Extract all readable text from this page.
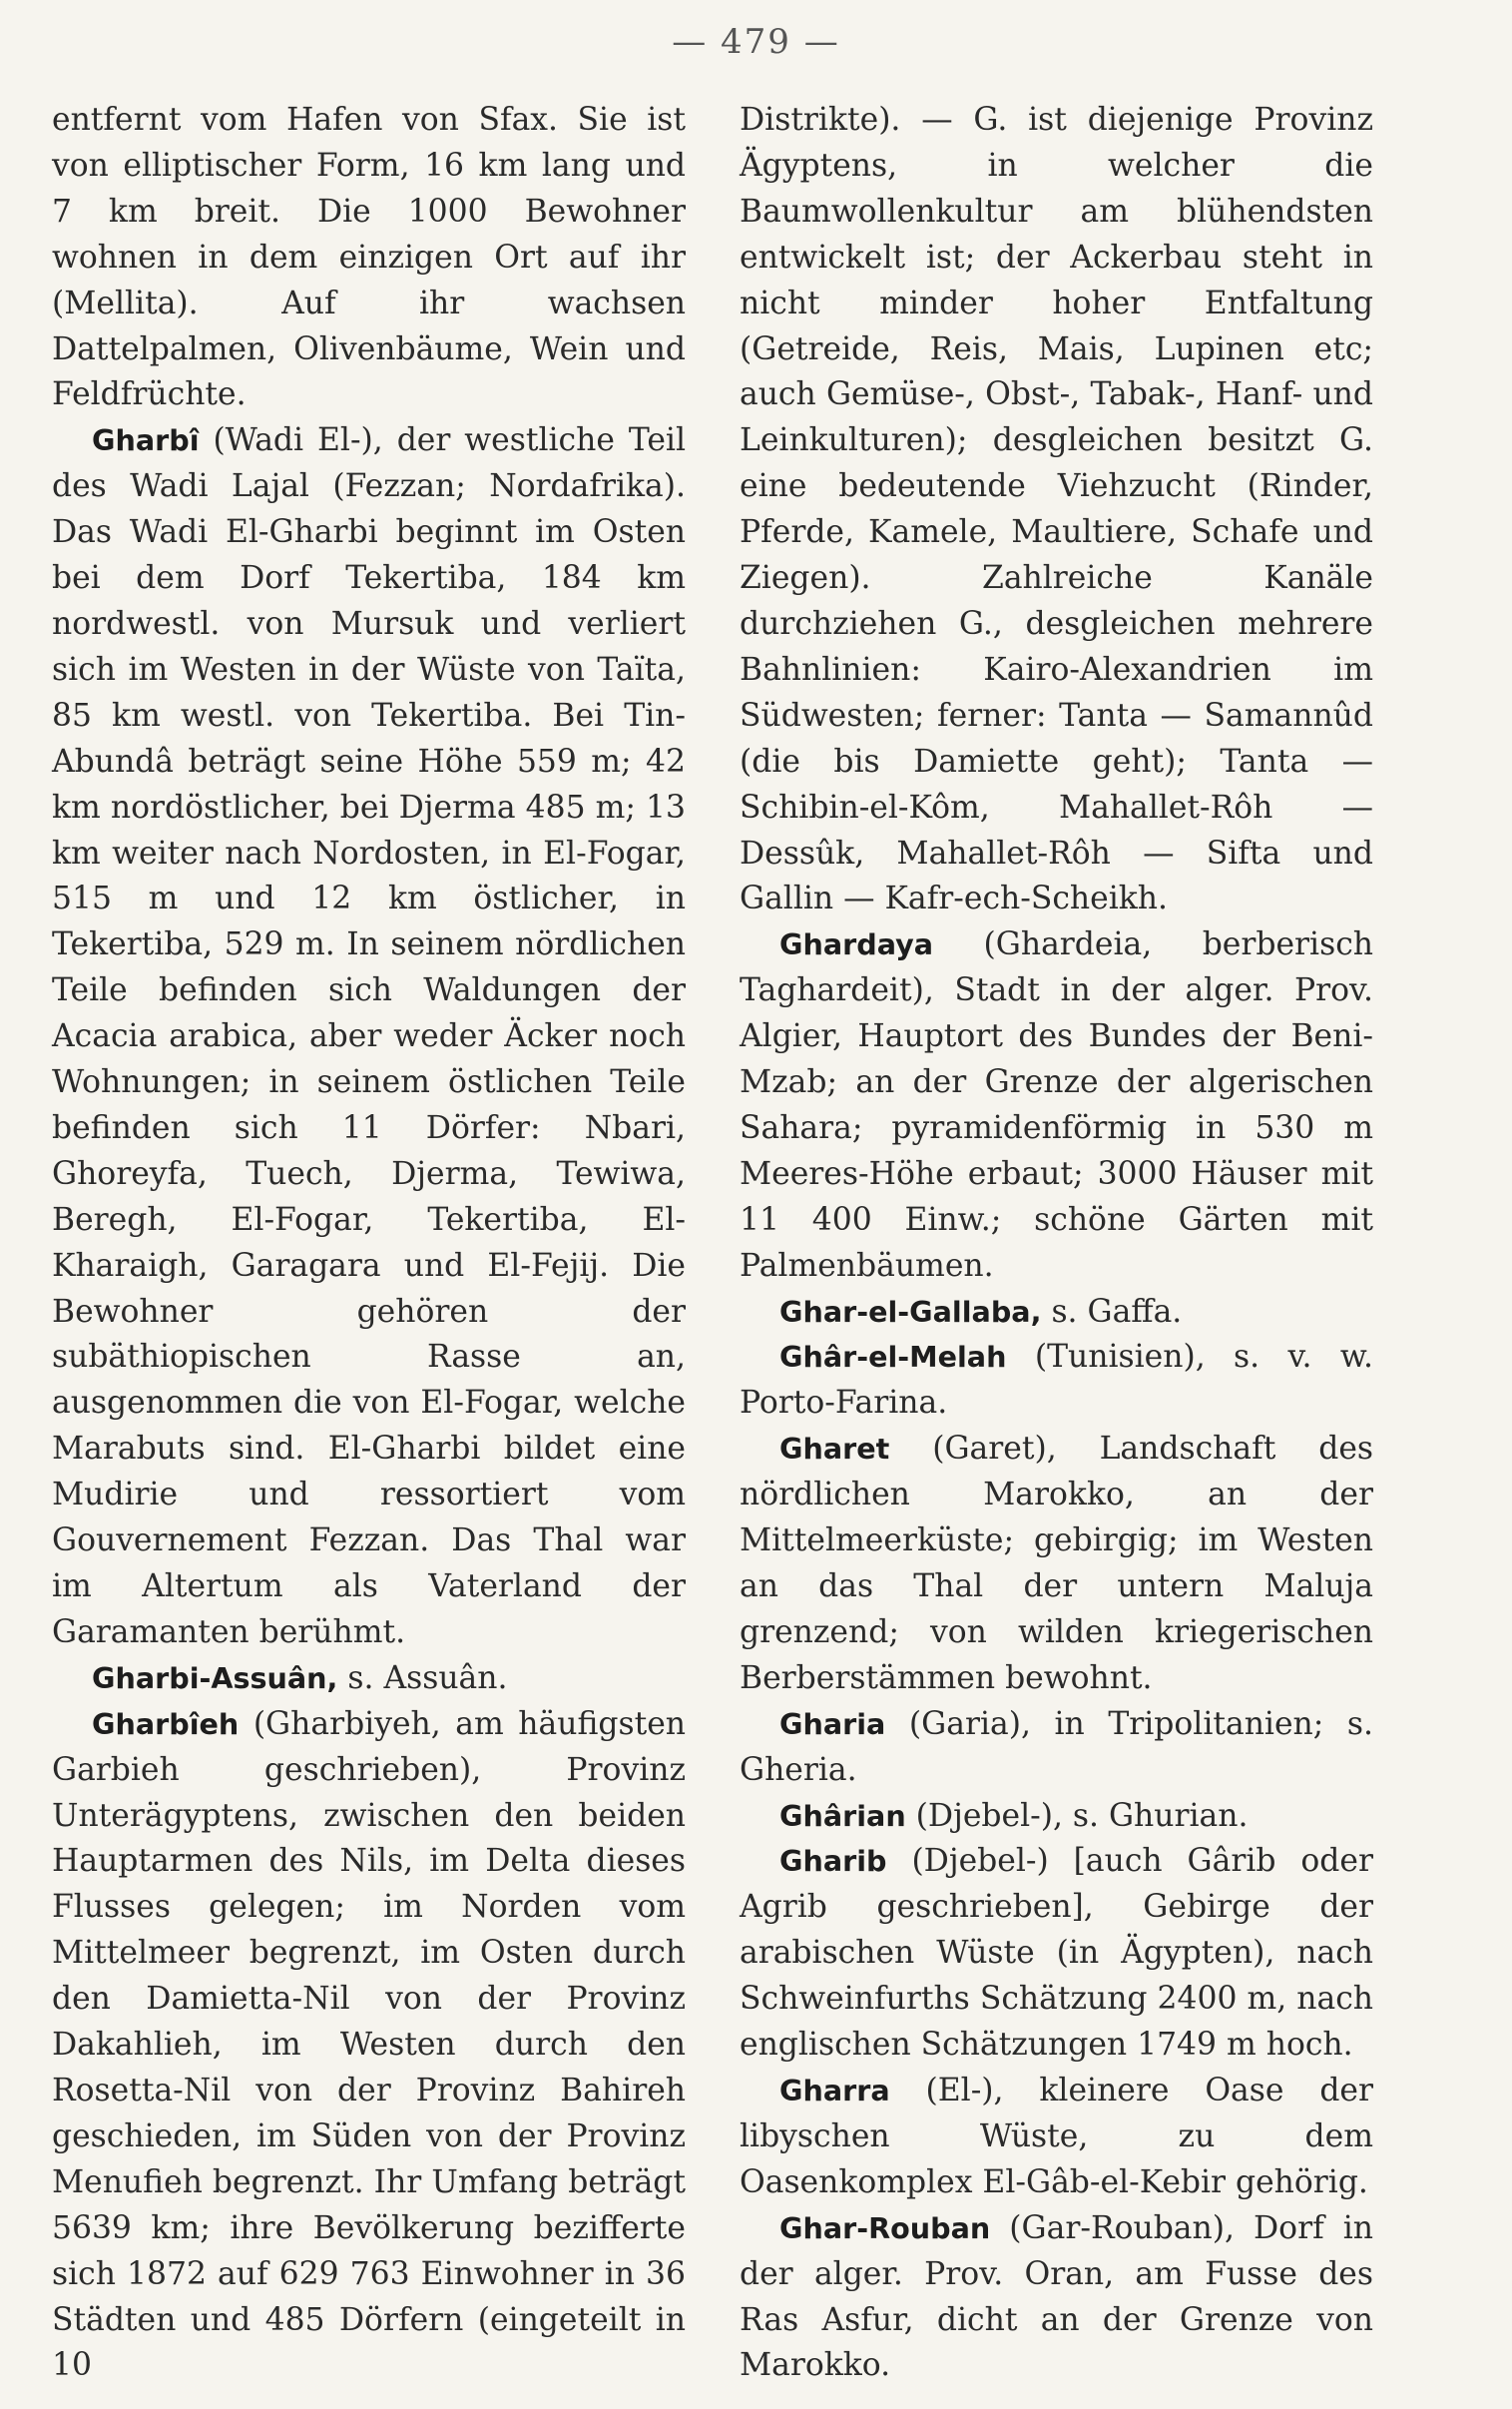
— 479 —

entfernt vom Hafen von Sfax. Sie ist von elliptischer Form, 16 km lang und 7 km breit. Die 1000 Bewohner wohnen in dem einzigen Ort auf ihr (Mellita). Auf ihr wachsen Dattelpalmen, Olivenbäume, Wein und Feldfrüchte.

Gharbî (Wadi El-), der westliche Teil des Wadi Lajal (Fezzan; Nordafrika). Das Wadi El-Gharbi beginnt im Osten bei dem Dorf Tekertiba, 184 km nordwestl. von Mursuk und verliert sich im Westen in der Wüste von Taïta, 85 km westl. von Tekertiba. Bei Tin-Abundâ beträgt seine Höhe 559 m; 42 km nordöstlicher, bei Djerma 485 m; 13 km weiter nach Nordosten, in El-Fogar, 515 m und 12 km östlicher, in Tekertiba, 529 m. In seinem nördlichen Teile befinden sich Waldungen der Acacia arabica, aber weder Äcker noch Wohnungen; in seinem östlichen Teile befinden sich 11 Dörfer: Nbari, Ghoreyfa, Tuech, Djerma, Tewiwa, Beregh, El-Fogar, Tekertiba, El-Kharaigh, Garagara und El-Fejij. Die Bewohner gehören der subäthiopischen Rasse an, ausgenommen die von El-Fogar, welche Marabuts sind. El-Gharbi bildet eine Mudirie und ressortiert vom Gouvernement Fezzan. Das Thal war im Altertum als Vaterland der Garamanten berühmt.

Gharbi-Assuân, s. Assuân.

Gharbîeh (Gharbiyeh, am häufigsten Garbieh geschrieben), Provinz Unterägyptens, zwischen den beiden Hauptarmen des Nils, im Delta dieses Flusses gelegen; im Norden vom Mittelmeer begrenzt, im Osten durch den Damietta-Nil von der Provinz Dakahlieh, im Westen durch den Rosetta-Nil von der Provinz Bahireh geschieden, im Süden von der Provinz Menufieh begrenzt. Ihr Umfang beträgt 5639 km; ihre Bevölkerung bezifferte sich 1872 auf 629 763 Einwohner in 36 Städten und 485 Dörfern (eingeteilt in 10

Distrikte). — G. ist diejenige Provinz Ägyptens, in welcher die Baumwollenkultur am blühendsten entwickelt ist; der Ackerbau steht in nicht minder hoher Entfaltung (Getreide, Reis, Mais, Lupinen etc; auch Gemüse-, Obst-, Tabak-, Hanf- und Leinkulturen); desgleichen besitzt G. eine bedeutende Viehzucht (Rinder, Pferde, Kamele, Maultiere, Schafe und Ziegen). Zahlreiche Kanäle durchziehen G., desgleichen mehrere Bahnlinien: Kairo-Alexandrien im Südwesten; ferner: Tanta — Samannûd (die bis Damiette geht); Tanta — Schibin-el-Kôm, Mahallet-Rôh — Dessûk, Mahallet-Rôh — Sifta und Gallin — Kafr-ech-Scheikh.

Ghardaya (Ghardeia, berberisch Taghardeit), Stadt in der alger. Prov. Algier, Hauptort des Bundes der Beni-Mzab; an der Grenze der algerischen Sahara; pyramidenförmig in 530 m Meeres-Höhe erbaut; 3000 Häuser mit 11 400 Einw.; schöne Gärten mit Palmenbäumen.

Ghar-el-Gallaba, s. Gaffa.

Ghâr-el-Melah (Tunisien), s. v. w. Porto-Farina.

Gharet (Garet), Landschaft des nördlichen Marokko, an der Mittelmeerküste; gebirgig; im Westen an das Thal der untern Maluja grenzend; von wilden kriegerischen Berberstämmen bewohnt.

Gharia (Garia), in Tripolitanien; s. Gheria.

Ghârian (Djebel-), s. Ghurian.

Gharib (Djebel-) [auch Gârib oder Agrib geschrieben], Gebirge der arabischen Wüste (in Ägypten), nach Schweinfurths Schätzung 2400 m, nach englischen Schätzungen 1749 m hoch.

Gharra (El-), kleinere Oase der libyschen Wüste, zu dem Oasenkomplex El-Gâb-el-Kebir gehörig.

Ghar-Rouban (Gar-Rouban), Dorf in der alger. Prov. Oran, am Fusse des Ras Asfur, dicht an der Grenze von Marokko.
